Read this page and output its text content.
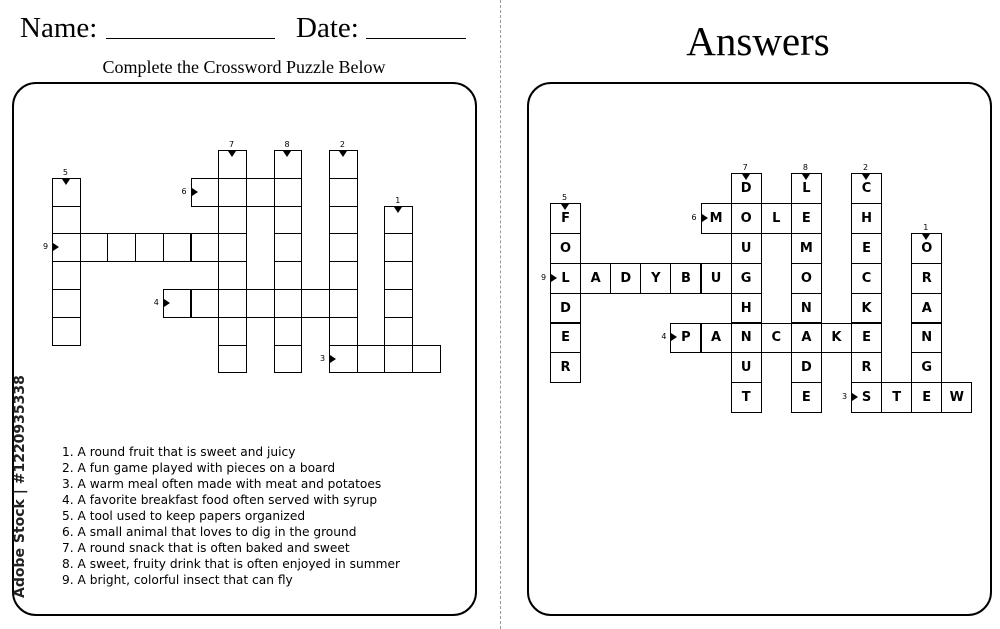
Name:	Date:
Complete the Crossword Puzzle Below
Answers
1
2
3
4
5
6
7	8
9	O
R
A
N
G
E
C
H
E
C
K
E
R
S	T	W
P	A	N	C	A	K
F
O
L
D
E
R
M	O	L	E
D
U
G
H
U
T
L
M
O
N
D
E
A	D	Y	B	U
1
2
3
4
5
6
7	8
9
1. A round fruit that is sweet and juicy
2. A fun game played with pieces on a board
3. A warm meal often made with meat and potatoes
4. A favorite breakfast food often served with syrup
5. A tool used to keep papers organized
6. A small animal that loves to dig in the ground
7. A round snack that is often baked and sweet
8. A sweet, fruity drink that is often enjoyed in summer
9. A bright, colorful insect that can fly
Adobe Stock | #1220935338
